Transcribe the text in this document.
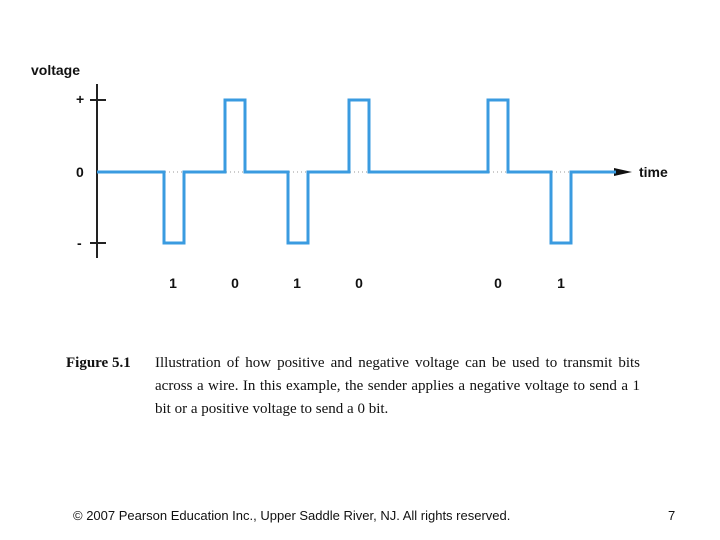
voltage
+
0
-
time
1	0	1	0	0	1
Figure 5.1 Illustration of how positive and negative voltage can be used to transmit bits across a wire. In this example, the sender applies a negative voltage to send a 1 bit or a positive voltage to send a 0 bit.
© 2007 Pearson Education Inc., Upper Saddle River, NJ. All rights reserved.	7
